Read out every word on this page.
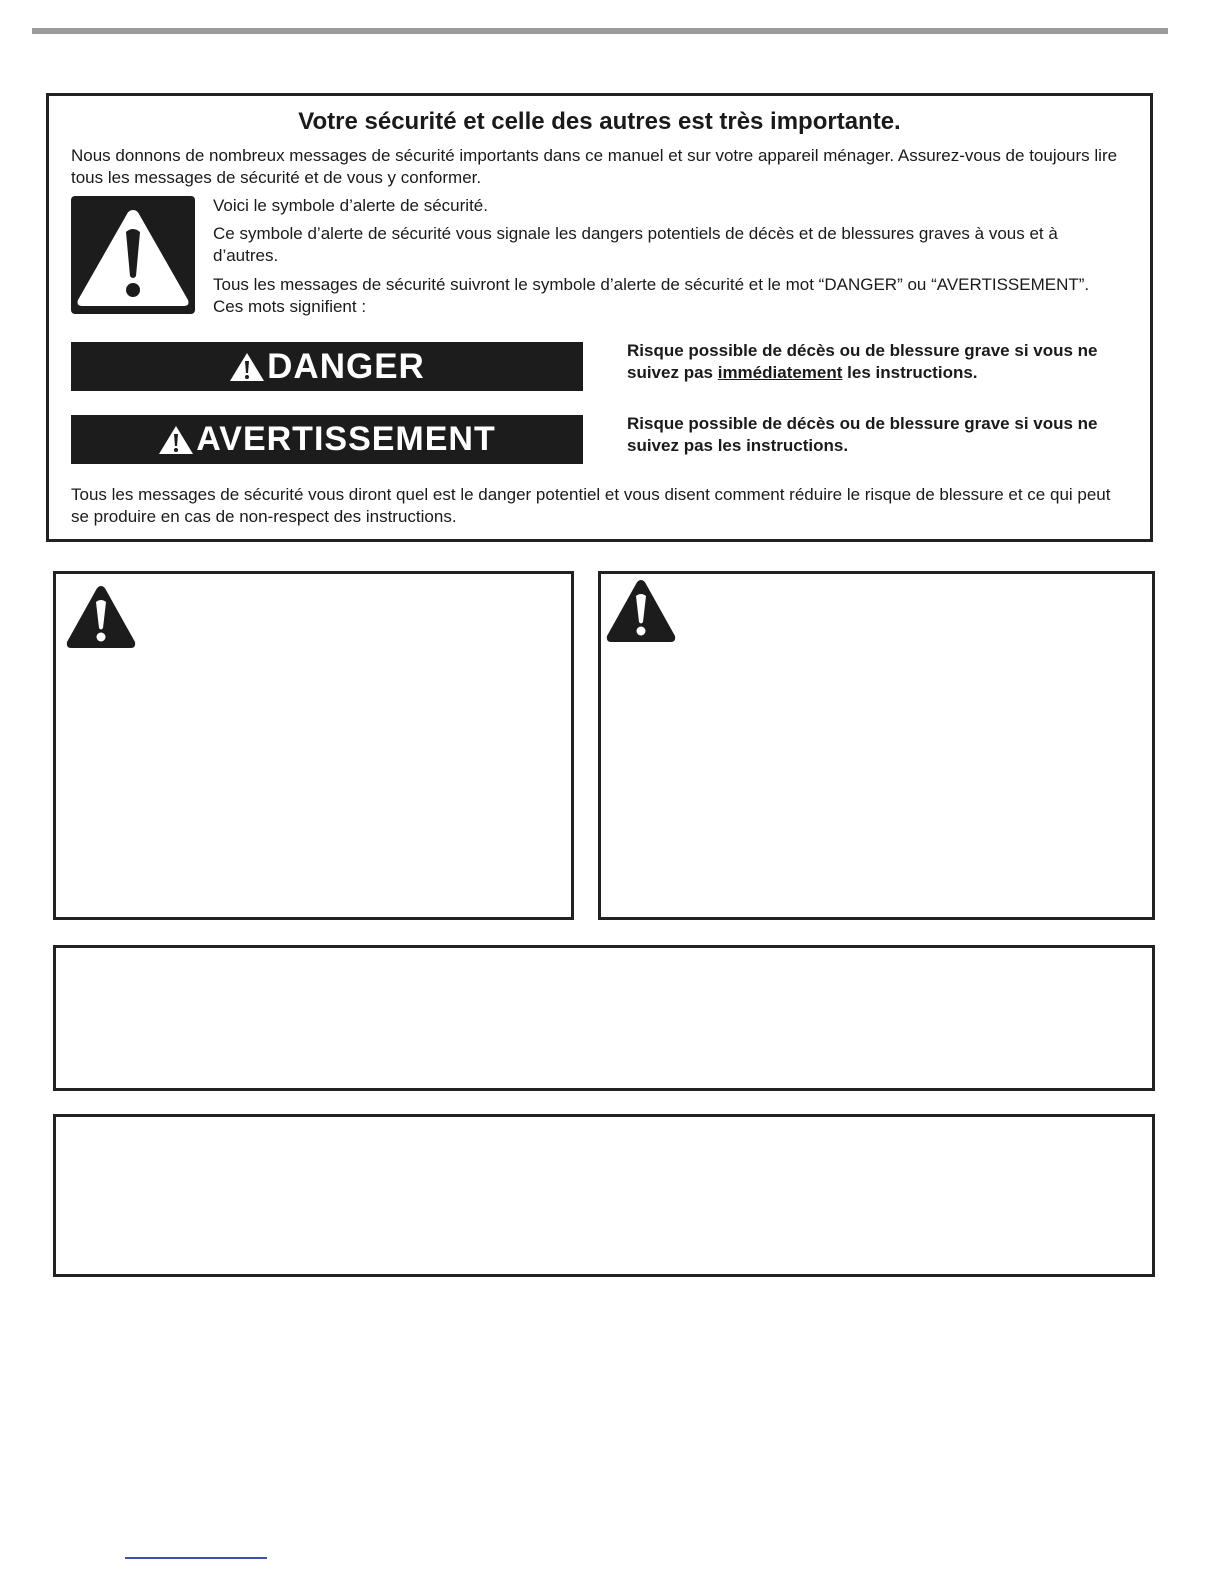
Votre sécurité et celle des autres est très importante.
Nous donnons de nombreux messages de sécurité importants dans ce manuel et sur votre appareil ménager. Assurez-vous de toujours lire tous les messages de sécurité et de vous y conformer.
Voici le symbole d’alerte de sécurité.
Ce symbole d’alerte de sécurité vous signale les dangers potentiels de décès et de blessures graves à vous et à d’autres.
Tous les messages de sécurité suivront le symbole d’alerte de sécurité et le mot “DANGER” ou “AVERTISSEMENT”. Ces mots signifient :
DANGER	Risque possible de décès ou de blessure grave si vous ne suivez pas immédiatement les instructions.
AVERTISSEMENT	Risque possible de décès ou de blessure grave si vous ne suivez pas les instructions.
Tous les messages de sécurité vous diront quel est le danger potentiel et vous disent comment réduire le risque de blessure et ce qui peut se produire en cas de non-respect des instructions.
